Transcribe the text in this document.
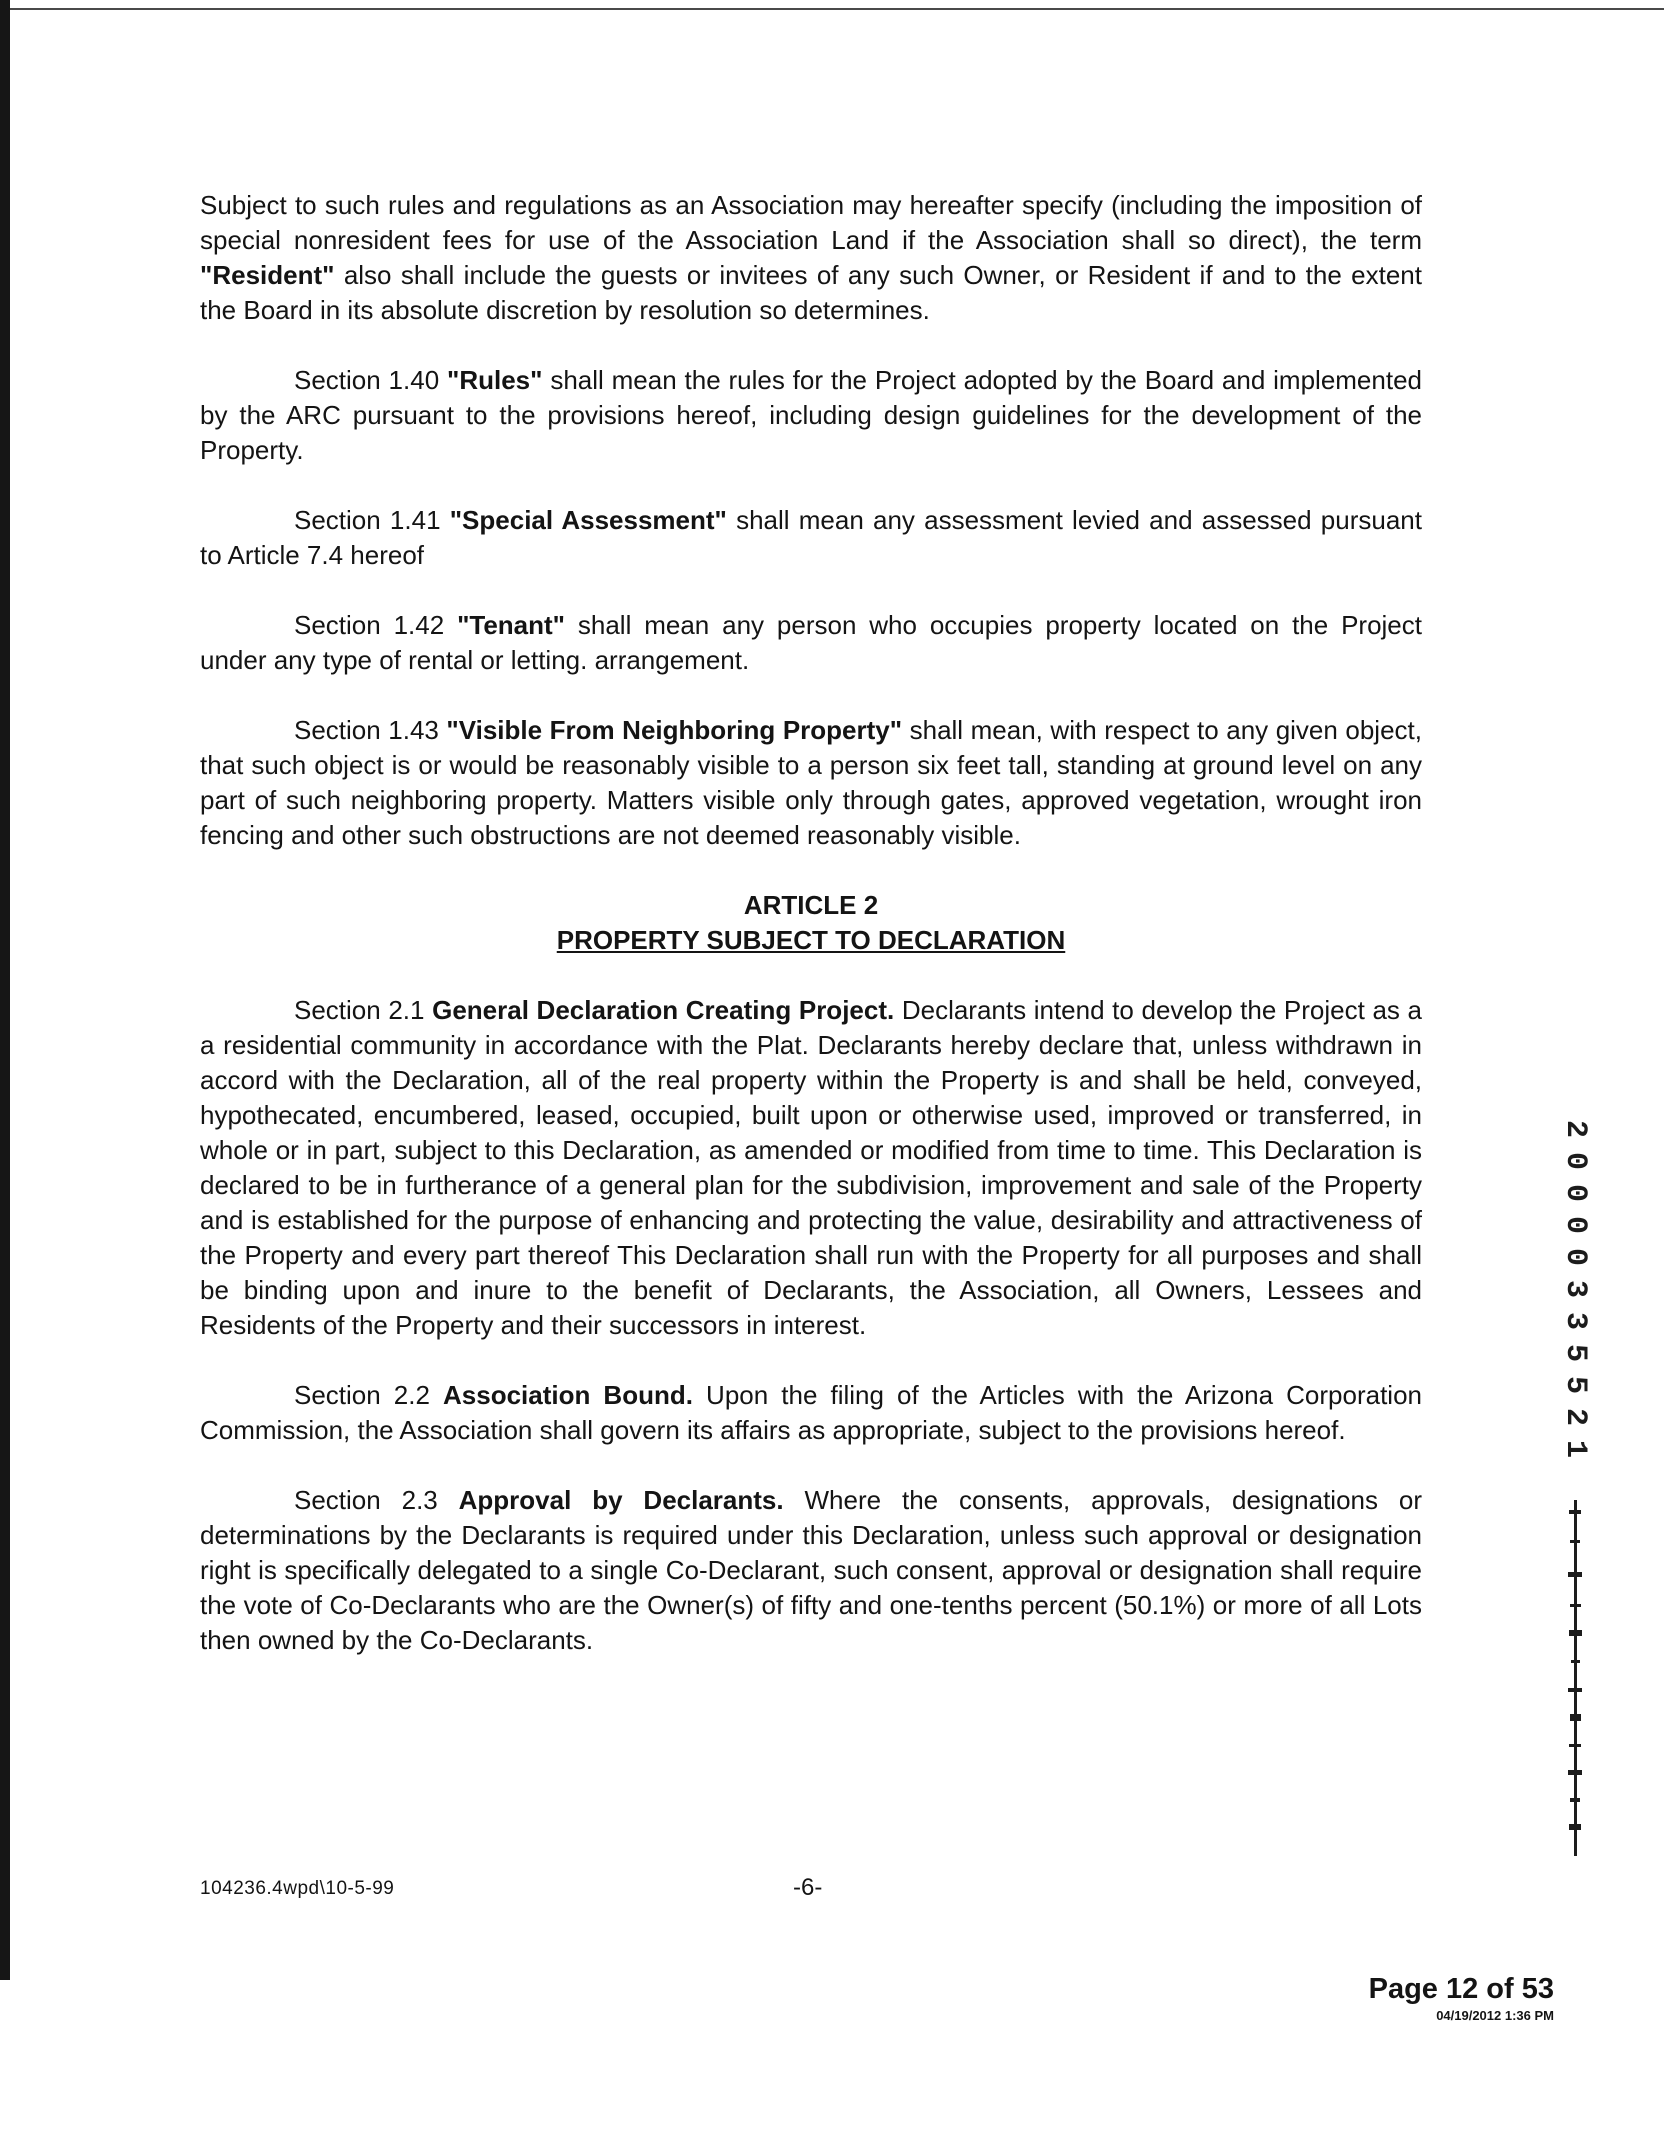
Subject to such rules and regulations as an Association may hereafter specify (including the imposition of special nonresident fees for use of the Association Land if the Association shall so direct), the term "Resident" also shall include the guests or invitees of any such Owner, or Resident if and to the extent the Board in its absolute discretion by resolution so determines.

Section 1.40 "Rules" shall mean the rules for the Project adopted by the Board and implemented by the ARC pursuant to the provisions hereof, including design guidelines for the development of the Property.

Section 1.41 "Special Assessment" shall mean any assessment levied and assessed pursuant to Article 7.4 hereof

Section 1.42 "Tenant" shall mean any person who occupies property located on the Project under any type of rental or letting. arrangement.

Section 1.43 "Visible From Neighboring Property" shall mean, with respect to any given object, that such object is or would be reasonably visible to a person six feet tall, standing at ground level on any part of such neighboring property. Matters visible only through gates, approved vegetation, wrought iron fencing and other such obstructions are not deemed reasonably visible.

ARTICLE 2
PROPERTY SUBJECT TO DECLARATION

Section 2.1 General Declaration Creating Project. Declarants intend to develop the Project as a a residential community in accordance with the Plat. Declarants hereby declare that, unless withdrawn in accord with the Declaration, all of the real property within the Property is and shall be held, conveyed, hypothecated, encumbered, leased, occupied, built upon or otherwise used, improved or transferred, in whole or in part, subject to this Declaration, as amended or modified from time to time. This Declaration is declared to be in furtherance of a general plan for the subdivision, improvement and sale of the Property and is established for the purpose of enhancing and protecting the value, desirability and attractiveness of the Property and every part thereof This Declaration shall run with the Property for all purposes and shall be binding upon and inure to the benefit of Declarants, the Association, all Owners, Lessees and Residents of the Property and their successors in interest.

Section 2.2 Association Bound. Upon the filing of the Articles with the Arizona Corporation Commission, the Association shall govern its affairs as appropriate, subject to the provisions hereof.

Section 2.3 Approval by Declarants. Where the consents, approvals, designations or determinations by the Declarants is required under this Declaration, unless such approval or designation right is specifically delegated to a single Co-Declarant, such consent, approval or designation shall require the vote of Co-Declarants who are the Owner(s) of fifty and one-tenths percent (50.1%) or more of all Lots then owned by the Co-Declarants.

104236.4wpd\10-5-99	-6-
20000335521
Page 12 of 53
04/19/2012 1:36 PM
